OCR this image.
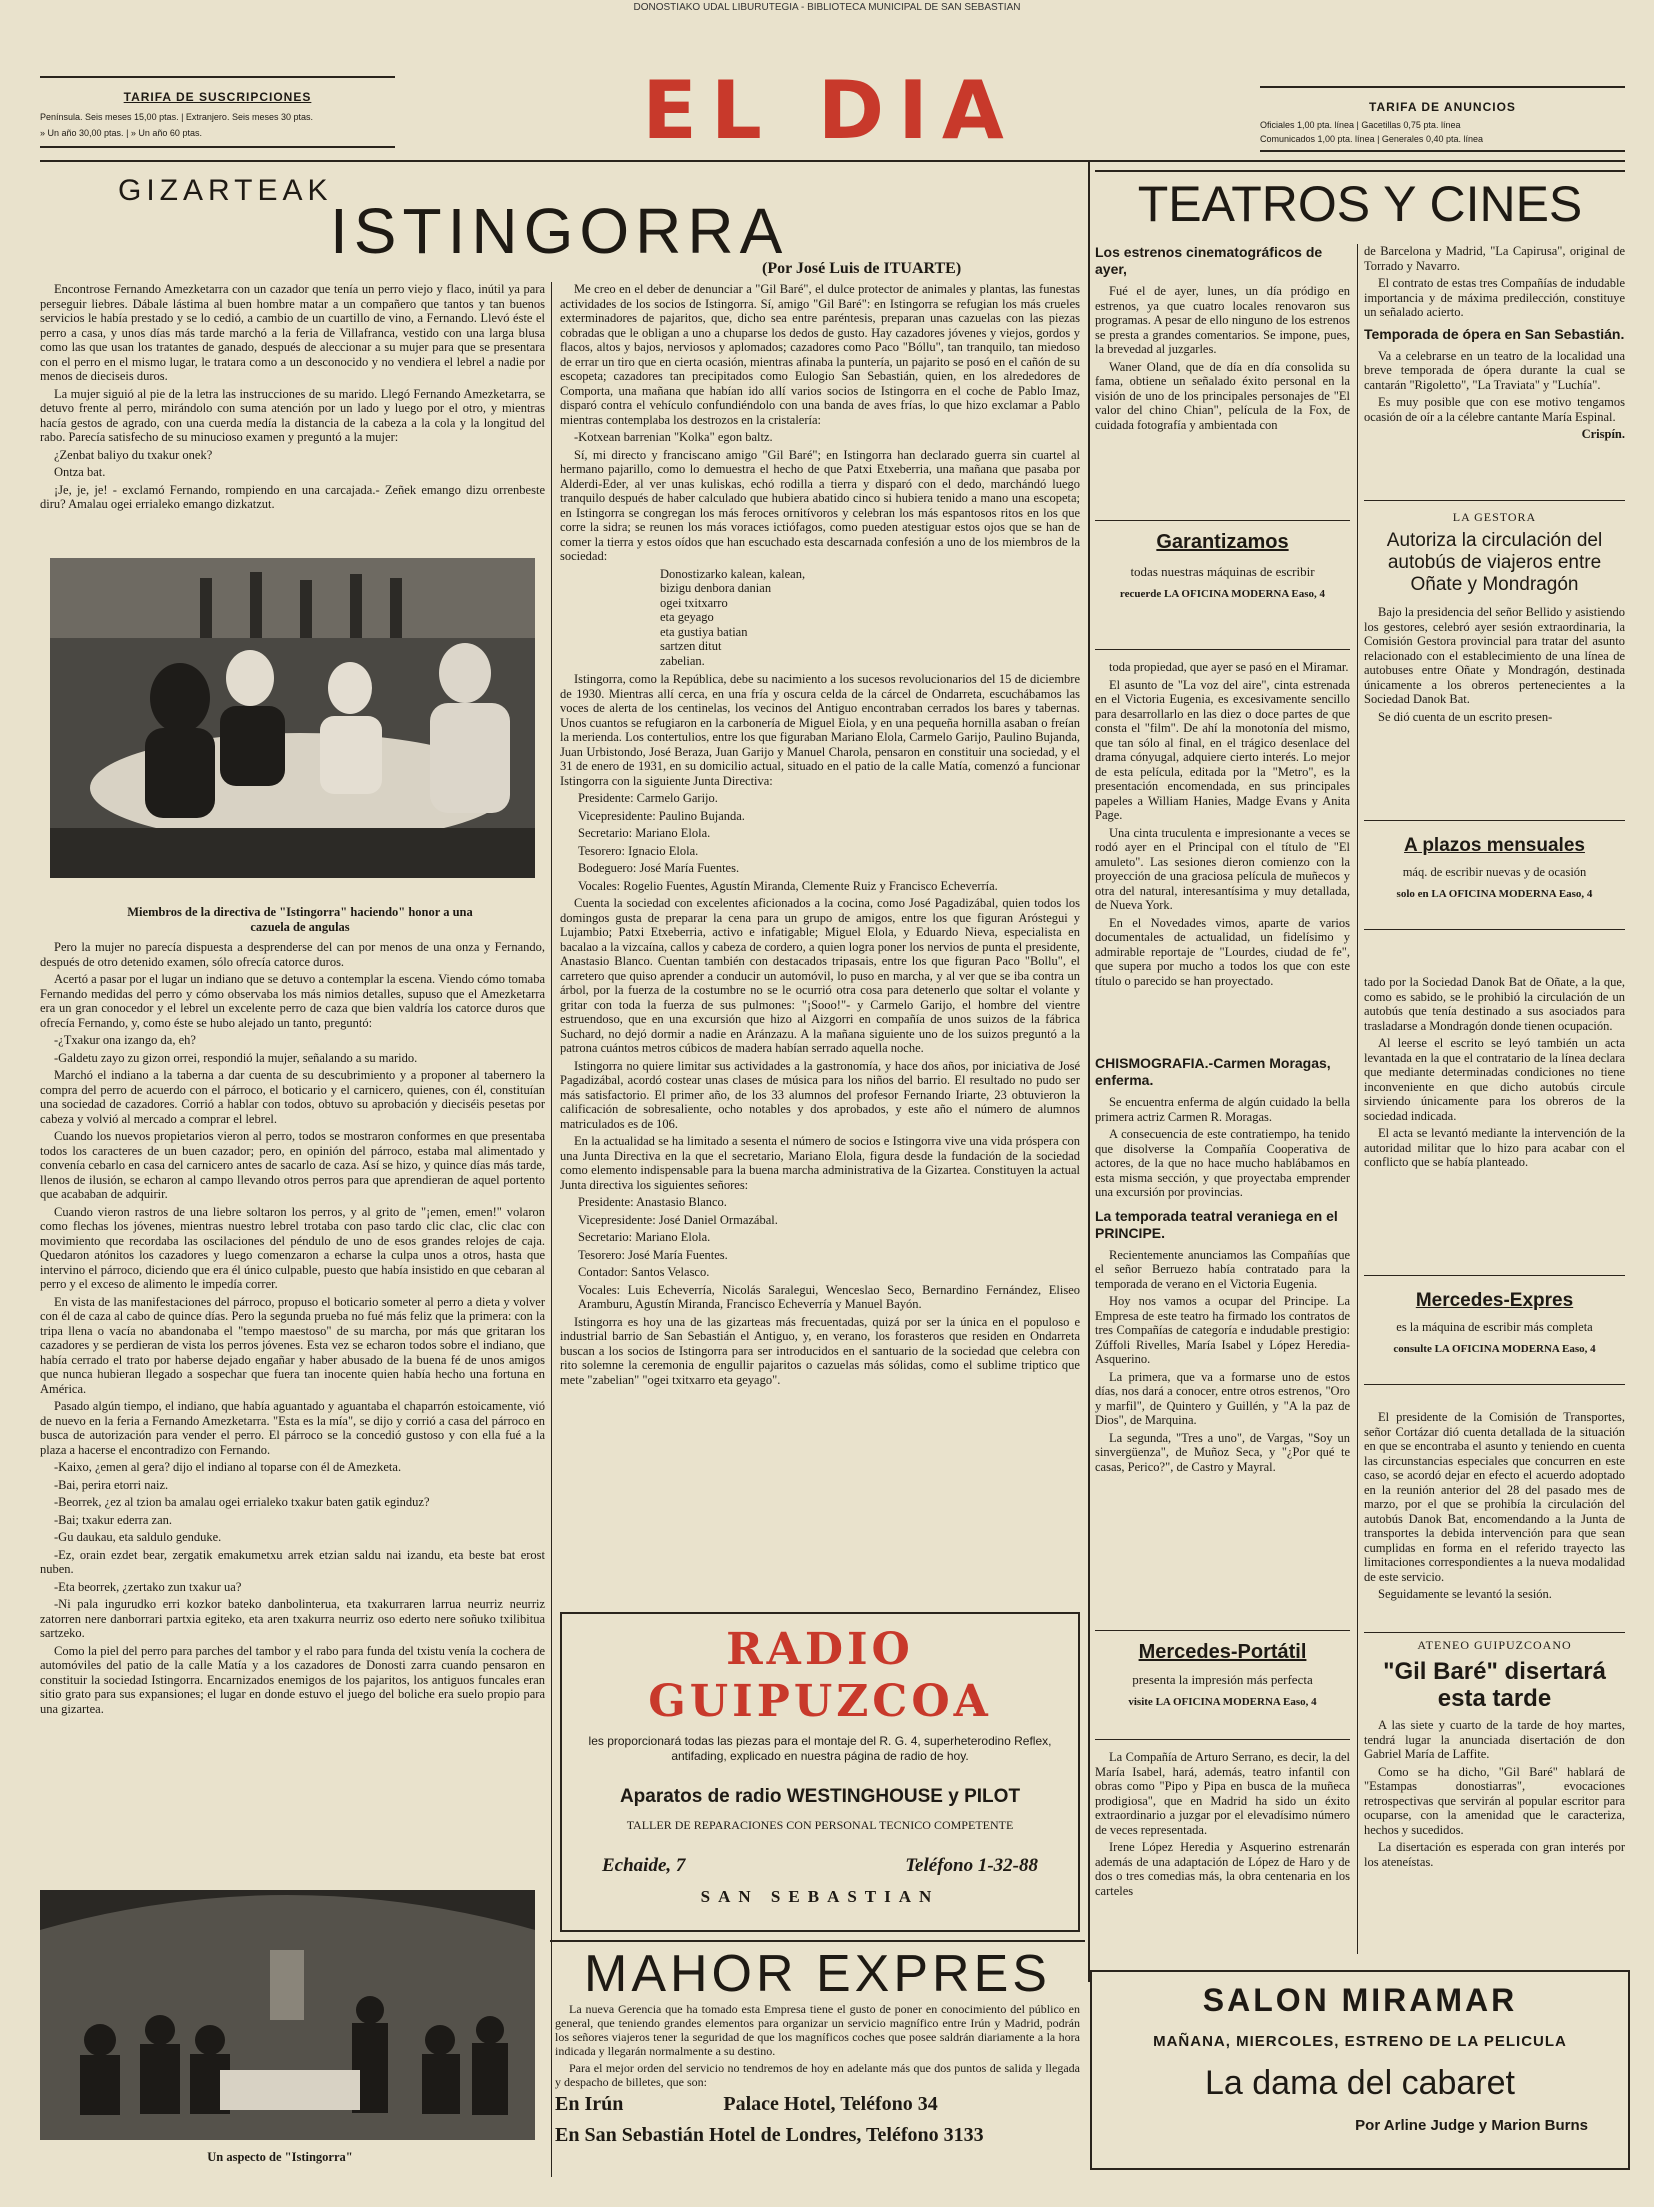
DONOSTIAKO UDAL LIBURUTEGIA - BIBLIOTECA MUNICIPAL DE SAN SEBASTIAN
TARIFA DE SUSCRIPCIONES
Península. Seis meses 15,00 ptas. | Extranjero. Seis meses 30 ptas.
» Un año 30,00 ptas. | » Un año 60 ptas.	EL DIA	TARIFA DE ANUNCIOS
Oficiales 1,00 pta. línea | Gacetillas 0,75 pta. línea
Comunicados 1,00 pta. línea | Generales 0,40 pta. línea
GIZARTEAK
ISTINGORRA
(Por José Luis de ITUARTE)

Encontrose Fernando Amezketarra con un cazador que tenía un perro viejo y flaco, inútil ya para perseguir liebres. Dábale lástima al buen hombre matar a un compañero que tantos y tan buenos servicios le había prestado y se lo cedió, a cambio de un cuartillo de vino, a Fernando. Llevó éste el perro a casa, y unos días más tarde marchó a la feria de Villafranca, vestido con una larga blusa como las que usan los tratantes de ganado, después de aleccionar a su mujer para que se presentara con el perro en el mismo lugar, le tratara como a un desconocido y no vendiera el lebrel a nadie por menos de dieciseis duros.

La mujer siguió al pie de la letra las instrucciones de su marido. Llegó Fernando Amezketarra, se detuvo frente al perro, mirándolo con suma atención por un lado y luego por el otro, y mientras hacía gestos de agrado, con una cuerda medía la distancia de la cabeza a la cola y la longitud del rabo. Parecía satisfecho de su minucioso examen y preguntó a la mujer:

¿Zenbat baliyo du txakur onek?

Ontza bat.

¡Je, je, je! - exclamó Fernando, rompiendo en una carcajada.- Zeñek emango dizu orrenbeste diru? Amalau ogei errialeko emango dizkatzut.

Miembros de la directiva de "Istingorra" haciendo" honor a una cazuela de angulas

Pero la mujer no parecía dispuesta a desprenderse del can por menos de una onza y Fernando, después de otro detenido examen, sólo ofrecía catorce duros.

Acertó a pasar por el lugar un indiano que se detuvo a contemplar la escena. Viendo cómo tomaba Fernando medidas del perro y cómo observaba los más nimios detalles, supuso que el Amezketarra era un gran conocedor y el lebrel un excelente perro de caza que bien valdría los catorce duros que ofrecía Fernando, y, como éste se hubo alejado un tanto, preguntó:

-¿Txakur ona izango da, eh?

-Galdetu zayo zu gizon orrei, respondió la mujer, señalando a su marido.

Marchó el indiano a la taberna a dar cuenta de su descubrimiento y a proponer al tabernero la compra del perro de acuerdo con el párroco, el boticario y el carnicero, quienes, con él, constituían una sociedad de cazadores. Corrió a hablar con todos, obtuvo su aprobación y dieciséis pesetas por cabeza y volvió al mercado a comprar el lebrel.

Cuando los nuevos propietarios vieron al perro, todos se mostraron conformes en que presentaba todos los caracteres de un buen cazador; pero, en opinión del párroco, estaba mal alimentado y convenía cebarlo en casa del carnicero antes de sacarlo de caza. Así se hizo, y quince días más tarde, llenos de ilusión, se echaron al campo llevando otros perros para que aprendieran de aquel portento que acababan de adquirir.

Cuando vieron rastros de una liebre soltaron los perros, y al grito de "¡emen, emen!" volaron como flechas los jóvenes, mientras nuestro lebrel trotaba con paso tardo clic clac, clic clac con movimiento que recordaba las oscilaciones del péndulo de uno de esos grandes relojes de caja. Quedaron atónitos los cazadores y luego comenzaron a echarse la culpa unos a otros, hasta que intervino el párroco, diciendo que era él único culpable, puesto que había insistido en que cebaran al perro y el exceso de alimento le impedía correr.

En vista de las manifestaciones del párroco, propuso el boticario someter al perro a dieta y volver con él de caza al cabo de quince días. Pero la segunda prueba no fué más feliz que la primera: con la tripa llena o vacía no abandonaba el "tempo maestoso" de su marcha, por más que gritaran los cazadores y se perdieran de vista los perros jóvenes. Esta vez se echaron todos sobre el indiano, que había cerrado el trato por haberse dejado engañar y haber abusado de la buena fé de unos amigos que nunca hubieran llegado a sospechar que fuera tan inocente quien había hecho una fortuna en América.

Pasado algún tiempo, el indiano, que había aguantado y aguantaba el chaparrón estoicamente, vió de nuevo en la feria a Fernando Amezketarra. "Esta es la mía", se dijo y corrió a casa del párroco en busca de autorización para vender el perro. El párroco se la concedió gustoso y con ella fué a la plaza a hacerse el encontradizo con Fernando.

-Kaixo, ¿emen al gera? dijo el indiano al toparse con él de Amezketa.

-Bai, perira etorri naiz.

-Beorrek, ¿ez al tzion ba amalau ogei errialeko txakur baten gatik eginduz?

-Bai; txakur ederra zan.

-Gu daukau, eta saldulo genduke.

-Ez, orain ezdet bear, zergatik emakumetxu arrek etzian saldu nai izandu, eta beste bat erost nuben.

-Eta beorrek, ¿zertako zun txakur ua?

-Ni pala ingurudko erri kozkor bateko danbolinterua, eta txakurraren larrua neurriz neurriz zatorren nere danborrari partxia egiteko, eta aren txakurra neurriz oso ederto nere soñuko txilibitua sartzeko.

Como la piel del perro para parches del tambor y el rabo para funda del txistu venía la cochera de automóviles del patio de la calle Matía y a los cazadores de Donosti zarra cuando pensaron en constituir la sociedad Istingorra. Encarnizados enemigos de los pajaritos, los antiguos funcales eran sitio grato para sus expansiones; el lugar en donde estuvo el juego del boliche era suelo propio para una gizartea.

Un aspecto de "Istingorra"

Me creo en el deber de denunciar a "Gil Baré", el dulce protector de animales y plantas, las funestas actividades de los socios de Istingorra. Sí, amigo "Gil Baré": en Istingorra se refugian los más crueles exterminadores de pajaritos, que, dicho sea entre paréntesis, preparan unas cazuelas con las piezas cobradas que le obligan a uno a chuparse los dedos de gusto. Hay cazadores jóvenes y viejos, gordos y flacos, altos y bajos, nerviosos y aplomados; cazadores como Paco "Bóllu", tan tranquilo, tan miedoso de errar un tiro que en cierta ocasión, mientras afinaba la puntería, un pajarito se posó en el cañón de su escopeta; cazadores tan precipitados como Eulogio San Sebastián, quien, en los alrededores de Comporta, una mañana que habían ido allí varios socios de Istingorra en el coche de Pablo Imaz, disparó contra el vehículo confundiéndolo con una banda de aves frías, lo que hizo exclamar a Pablo mientras contemplaba los destrozos en la cristalería:

-Kotxean barrenian "Kolka" egon baltz.

Sí, mi directo y franciscano amigo "Gil Baré"; en Istingorra han declarado guerra sin cuartel al hermano pajarillo, como lo demuestra el hecho de que Patxi Etxeberria, una mañana que pasaba por Alderdi-Eder, al ver unas kuliskas, echó rodilla a tierra y disparó con el dedo, marchándó luego tranquilo después de haber calculado que hubiera abatido cinco si hubiera tenido a mano una escopeta; en Istingorra se congregan los más feroces ornitívoros y celebran los más espantosos ritos en los que corre la sidra; se reunen los más voraces ictiófagos, como pueden atestiguar estos ojos que se han de comer la tierra y estos oídos que han escuchado esta descarnada confesión a uno de los miembros de la sociedad:

Donostizarko kalean, kalean,
bizigu denbora danian
ogei txitxarro
eta geyago
eta gustiya batian
sartzen ditut
zabelian.

Istingorra, como la República, debe su nacimiento a los sucesos revolucionarios del 15 de diciembre de 1930. Mientras allí cerca, en una fría y oscura celda de la cárcel de Ondarreta, escuchábamos las voces de alerta de los centinelas, los vecinos del Antiguo encontraban cerrados los bares y tabernas. Unos cuantos se refugiaron en la carbonería de Miguel Eiola, y en una pequeña hornilla asaban o freían la merienda. Los contertulios, entre los que figuraban Mariano Elola, Carmelo Garijo, Paulino Bujanda, Juan Urbistondo, José Beraza, Juan Garijo y Manuel Charola, pensaron en constituir una sociedad, y el 31 de enero de 1931, en su domicilio actual, situado en el patio de la calle Matía, comenzó a funcionar Istingorra con la siguiente Junta Directiva:

Presidente: Carmelo Garijo.

Vicepresidente: Paulino Bujanda.

Secretario: Mariano Elola.

Tesorero: Ignacio Elola.

Bodeguero: José María Fuentes.

Vocales: Rogelio Fuentes, Agustín Miranda, Clemente Ruiz y Francisco Echeverría.

Cuenta la sociedad con excelentes aficionados a la cocina, como José Pagadizábal, quien todos los domingos gusta de preparar la cena para un grupo de amigos, entre los que figuran Aróstegui y Lujambio; Patxi Etxeberria, activo e infatigable; Miguel Elola, y Eduardo Nieva, especialista en bacalao a la vizcaína, callos y cabeza de cordero, a quien logra poner los nervios de punta el presidente, Anastasio Blanco. Cuentan también con destacados tripasais, entre los que figuran Paco "Bollu", el carretero que quiso aprender a conducir un automóvil, lo puso en marcha, y al ver que se iba contra un árbol, por la fuerza de la costumbre no se le ocurrió otra cosa para detenerlo que soltar el volante y gritar con toda la fuerza de sus pulmones: "¡Sooo!"- y Carmelo Garijo, el hombre del vientre estruendoso, que en una excursión que hizo al Aizgorri en compañía de unos suizos de la fábrica Suchard, no dejó dormir a nadie en Aránzazu. A la mañana siguiente uno de los suizos preguntó a la patrona cuántos metros cúbicos de madera habían serrado aquella noche.

Istingorra no quiere limitar sus actividades a la gastronomía, y hace dos años, por iniciativa de José Pagadizábal, acordó costear unas clases de música para los niños del barrio. El resultado no pudo ser más satisfactorio. El primer año, de los 33 alumnos del profesor Fernando Iriarte, 23 obtuvieron la calificación de sobresaliente, ocho notables y dos aprobados, y este año el número de alumnos matriculados es de 106.

En la actualidad se ha limitado a sesenta el número de socios e Istingorra vive una vida próspera con una Junta Directiva en la que el secretario, Mariano Elola, figura desde la fundación de la sociedad como elemento indispensable para la buena marcha administrativa de la Gizartea. Constituyen la actual Junta directiva los siguientes señores:

Presidente: Anastasio Blanco.

Vicepresidente: José Daniel Ormazábal.

Secretario: Mariano Elola.

Tesorero: José María Fuentes.

Contador: Santos Velasco.

Vocales: Luis Echeverría, Nicolás Saralegui, Wenceslao Seco, Bernardino Fernández, Eliseo Aramburu, Agustín Miranda, Francisco Echeverría y Manuel Bayón.

Istingorra es hoy una de las gizarteas más frecuentadas, quizá por ser la única en el populoso e industrial barrio de San Sebastián el Antiguo, y, en verano, los forasteros que residen en Ondarreta buscan a los socios de Istingorra para ser introducidos en el santuario de la sociedad que celebra con rito solemne la ceremonia de engullir pajaritos o cazuelas más sólidas, como el sublime triptico que mete "zabelian" "ogei txitxarro eta geyago".

RADIO GUIPUZCOA
les proporcionará todas las piezas para el montaje del R. G. 4, superheterodino Reflex, antifading, explicado en nuestra página de radio de hoy.
Aparatos de radio WESTINGHOUSE y PILOT
TALLER DE REPARACIONES CON PERSONAL TECNICO COMPETENTE
Echaide, 7	Teléfono 1-32-88
SAN SEBASTIAN
MAHOR EXPRES

La nueva Gerencia que ha tomado esta Empresa tiene el gusto de poner en conocimiento del público en general, que teniendo grandes elementos para organizar un servicio magnífico entre Irún y Madrid, podrán los señores viajeros tener la seguridad de que los magníficos coches que posee saldrán diariamente a la hora indicada y llegarán normalmente a su destino.

Para el mejor orden del servicio no tendremos de hoy en adelante más que dos puntos de salida y llegada y despacho de billetes, que son:

En Irún	Palace Hotel, Teléfono 34
En San Sebastián Hotel de Londres, Teléfono 3133
TEATROS Y CINES
Los estrenos cinematográficos de ayer,

Fué el de ayer, lunes, un día pródigo en estrenos, ya que cuatro locales renovaron sus programas. A pesar de ello ninguno de los estrenos se presta a grandes comentarios. Se impone, pues, la brevedad al juzgarles.

Waner Oland, que de día en día consolida su fama, obtiene un señalado éxito personal en la visión de uno de los principales personajes de "El valor del chino Chian", película de la Fox, de cuidada fotografía y ambientada con

Garantizamos
todas nuestras máquinas de escribir
recuerde LA OFICINA MODERNA Easo, 4

toda propiedad, que ayer se pasó en el Miramar.

El asunto de "La voz del aire", cinta estrenada en el Victoria Eugenia, es excesivamente sencillo para desarrollarlo en las diez o doce partes de que consta el "film". De ahí la monotonía del mismo, que tan sólo al final, en el trágico desenlace del drama cónyugal, adquiere cierto interés. Lo mejor de esta película, editada por la "Metro", es la presentación encomendada, en sus principales papeles a William Hanies, Madge Evans y Anita Page.

Una cinta truculenta e impresionante a veces se rodó ayer en el Principal con el título de "El amuleto". Las sesiones dieron comienzo con la proyección de una graciosa película de muñecos y otra del natural, interesantísima y muy detallada, de Nueva York.

En el Novedades vimos, aparte de varios documentales de actualidad, un fidelísimo y admirable reportaje de "Lourdes, ciudad de fe", que supera por mucho a todos los que con este título o parecido se han proyectado.

CHISMOGRAFIA.-Carmen Moragas, enferma.

Se encuentra enferma de algún cuidado la bella primera actriz Carmen R. Moragas.

A consecuencia de este contratiempo, ha tenido que disolverse la Compañía Cooperativa de actores, de la que no hace mucho hablábamos en esta misma sección, y que proyectaba emprender una excursión por provincias.

La temporada teatral veraniega en el PRINCIPE.

Recientemente anunciamos las Compañías que el señor Berruezo había contratado para la temporada de verano en el Victoria Eugenia.

Hoy nos vamos a ocupar del Principe. La Empresa de este teatro ha firmado los contratos de tres Compañías de categoría e indudable prestigio: Zúffoli Rivelles, María Isabel y López Heredia-Asquerino.

La primera, que va a formarse uno de estos días, nos dará a conocer, entre otros estrenos, "Oro y marfil", de Quintero y Guillén, y "A la paz de Dios", de Marquina.

La segunda, "Tres a uno", de Vargas, "Soy un sinvergüenza", de Muñoz Seca, y "¿Por qué te casas, Perico?", de Castro y Mayral.

Mercedes-Portátil
presenta la impresión más perfecta
visite LA OFICINA MODERNA Easo, 4

La Compañía de Arturo Serrano, es decir, la del María Isabel, hará, además, teatro infantil con obras como "Pipo y Pipa en busca de la muñeca prodigiosa", que en Madrid ha sido un éxito extraordinario a juzgar por el elevadísimo número de veces representada.

Irene López Heredia y Asquerino estrenarán además de una adaptación de López de Haro y de dos o tres comedias más, la obra centenaria en los carteles

de Barcelona y Madrid, "La Capirusa", original de Torrado y Navarro.

El contrato de estas tres Compañías de indudable importancia y de máxima predilección, constituye un señalado acierto.

Temporada de ópera en San Sebastián.

Va a celebrarse en un teatro de la localidad una breve temporada de ópera durante la cual se cantarán "Rigoletto", "La Traviata" y "Luchía".

Es muy posible que con ese motivo tengamos ocasión de oír a la célebre cantante María Espinal.

Crispín.
LA GESTORA
Autoriza la circulación del autobús de viajeros entre Oñate y Mondragón

Bajo la presidencia del señor Bellido y asistiendo los gestores, celebró ayer sesión extraordinaria, la Comisión Gestora provincial para tratar del asunto relacionado con el establecimiento de una línea de autobuses entre Oñate y Mondragón, destinada únicamente a los obreros pertenecientes a la Sociedad Danok Bat.

Se dió cuenta de un escrito presen-

A plazos mensuales
máq. de escribir nuevas y de ocasión
solo en LA OFICINA MODERNA Easo, 4

tado por la Sociedad Danok Bat de Oñate, a la que, como es sabido, se le prohibió la circulación de un autobús que tenía destinado a sus asociados para trasladarse a Mondragón donde tienen ocupación.

Al leerse el escrito se leyó también un acta levantada en la que el contratario de la línea declara que mediante determinadas condiciones no tiene inconveniente en que dicho autobús circule sirviendo únicamente para los obreros de la sociedad indicada.

El acta se levantó mediante la intervención de la autoridad militar que lo hizo para acabar con el conflicto que se había planteado.

Mercedes-Expres
es la máquina de escribir más completa
consulte LA OFICINA MODERNA Easo, 4

El presidente de la Comisión de Transportes, señor Cortázar dió cuenta detallada de la situación en que se encontraba el asunto y teniendo en cuenta las circunstancias especiales que concurren en este caso, se acordó dejar en efecto el acuerdo adoptado en la reunión anterior del 28 del pasado mes de marzo, por el que se prohibía la circulación del autobús Danok Bat, encomendando a la Junta de transportes la debida intervención para que sean cumplidas en forma en el referido trayecto las limitaciones correspondientes a la nueva modalidad de este servicio.

Seguidamente se levantó la sesión.

ATENEO GUIPUZCOANO
"Gil Baré" disertará esta tarde

A las siete y cuarto de la tarde de hoy martes, tendrá lugar la anunciada disertación de don Gabriel María de Laffite.

Como se ha dicho, "Gil Baré" hablará de "Estampas donostiarras", evocaciones retrospectivas que servirán al popular escritor para ocuparse, con la amenidad que le caracteriza, hechos y sucedidos.

La disertación es esperada con gran interés por los ateneístas.

SALON MIRAMAR
MAÑANA, MIERCOLES, ESTRENO DE LA PELICULA
La dama del cabaret
Por Arline Judge y Marion Burns
